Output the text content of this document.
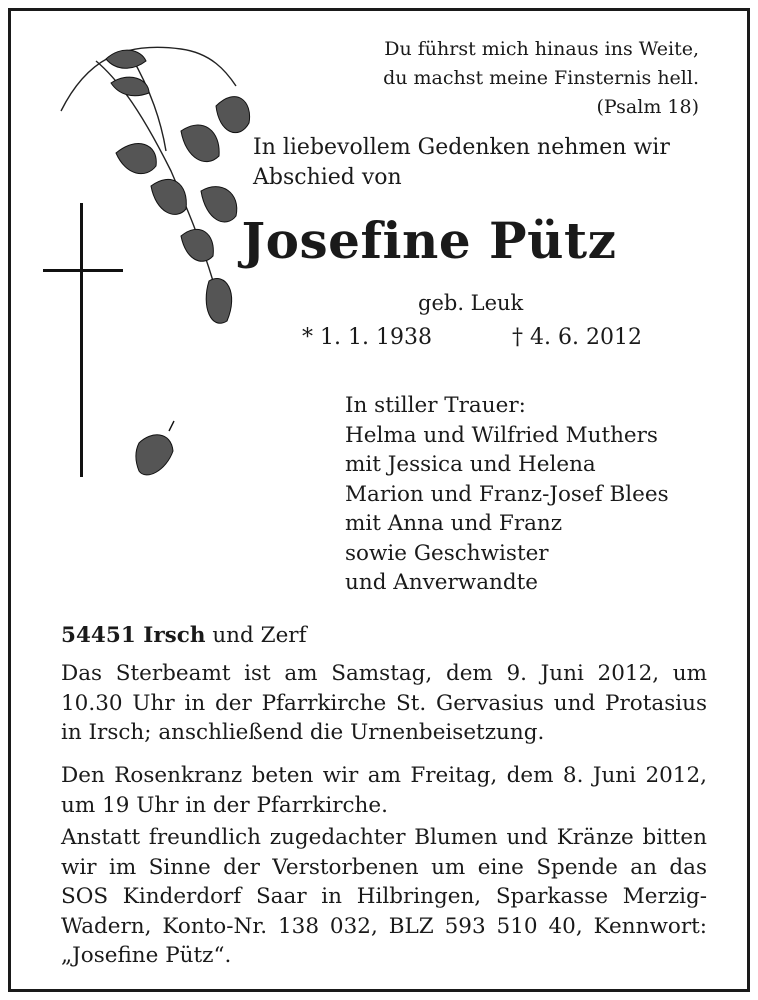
Du führst mich hinaus ins Weite,
du machst meine Finsternis hell.
(Psalm 18)
In liebevollem Gedenken nehmen wir Abschied von
Josefine Pütz
geb. Leuk
* 1. 1. 1938	† 4. 6. 2012
In stiller Trauer:
Helma und Wilfried Muthers
mit Jessica und Helena
Marion und Franz-Josef Blees
mit Anna und Franz
sowie Geschwister
und Anverwandte
54451 Irsch und Zerf
Das Sterbeamt ist am Samstag, dem 9. Juni 2012, um 10.30 Uhr in der Pfarrkirche St. Gervasius und Protasius in Irsch; anschließend die Urnenbeisetzung.
Den Rosenkranz beten wir am Freitag, dem 8. Juni 2012, um 19 Uhr in der Pfarrkirche.
Anstatt freundlich zugedachter Blumen und Kränze bitten wir im Sinne der Verstorbenen um eine Spende an das SOS Kinderdorf Saar in Hilbringen, Sparkasse Merzig-Wadern, Konto-Nr. 138 032, BLZ 593 510 40, Kennwort: „Josefine Pütz“.
